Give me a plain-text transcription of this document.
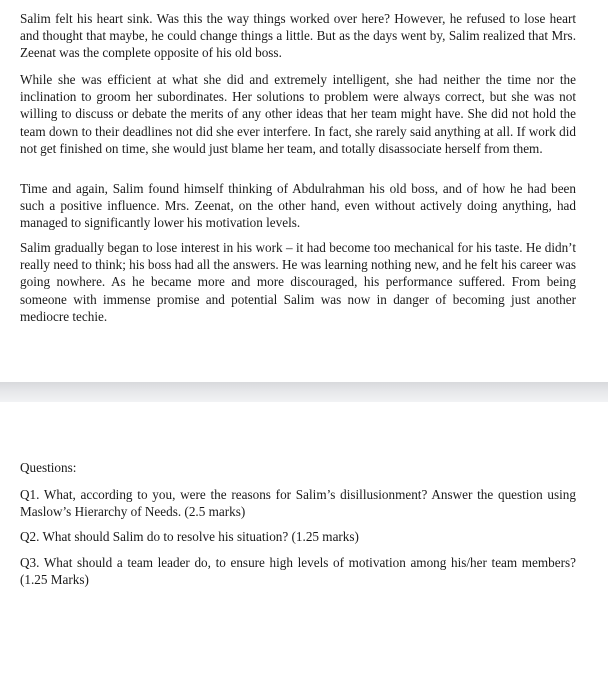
Salim felt his heart sink. Was this the way things worked over here? However, he refused to lose heart and thought that maybe, he could change things a little. But as the days went by, Salim realized that Mrs. Zeenat was the complete opposite of his old boss.

While she was efficient at what she did and extremely intelligent, she had neither the time nor the inclination to groom her subordinates. Her solutions to problem were always correct, but she was not willing to discuss or debate the merits of any other ideas that her team might have. She did not hold the team down to their deadlines not did she ever interfere. In fact, she rarely said anything at all. If work did not get finished on time, she would just blame her team, and totally disassociate herself from them.

Time and again, Salim found himself thinking of Abdulrahman his old boss, and of how he had been such a positive influence. Mrs. Zeenat, on the other hand, even without actively doing anything, had managed to significantly lower his motivation levels.

Salim gradually began to lose interest in his work – it had become too mechanical for his taste. He didn’t really need to think; his boss had all the answers. He was learning nothing new, and he felt his career was going nowhere. As he became more and more discouraged, his performance suffered. From being someone with immense promise and potential Salim was now in danger of becoming just another mediocre techie.

Questions:

Q1. What, according to you, were the reasons for Salim’s disillusionment? Answer the question using Maslow’s Hierarchy of Needs. (2.5 marks)

Q2. What should Salim do to resolve his situation? (1.25 marks)

Q3. What should a team leader do, to ensure high levels of motivation among his/her team members? (1.25 Marks)
